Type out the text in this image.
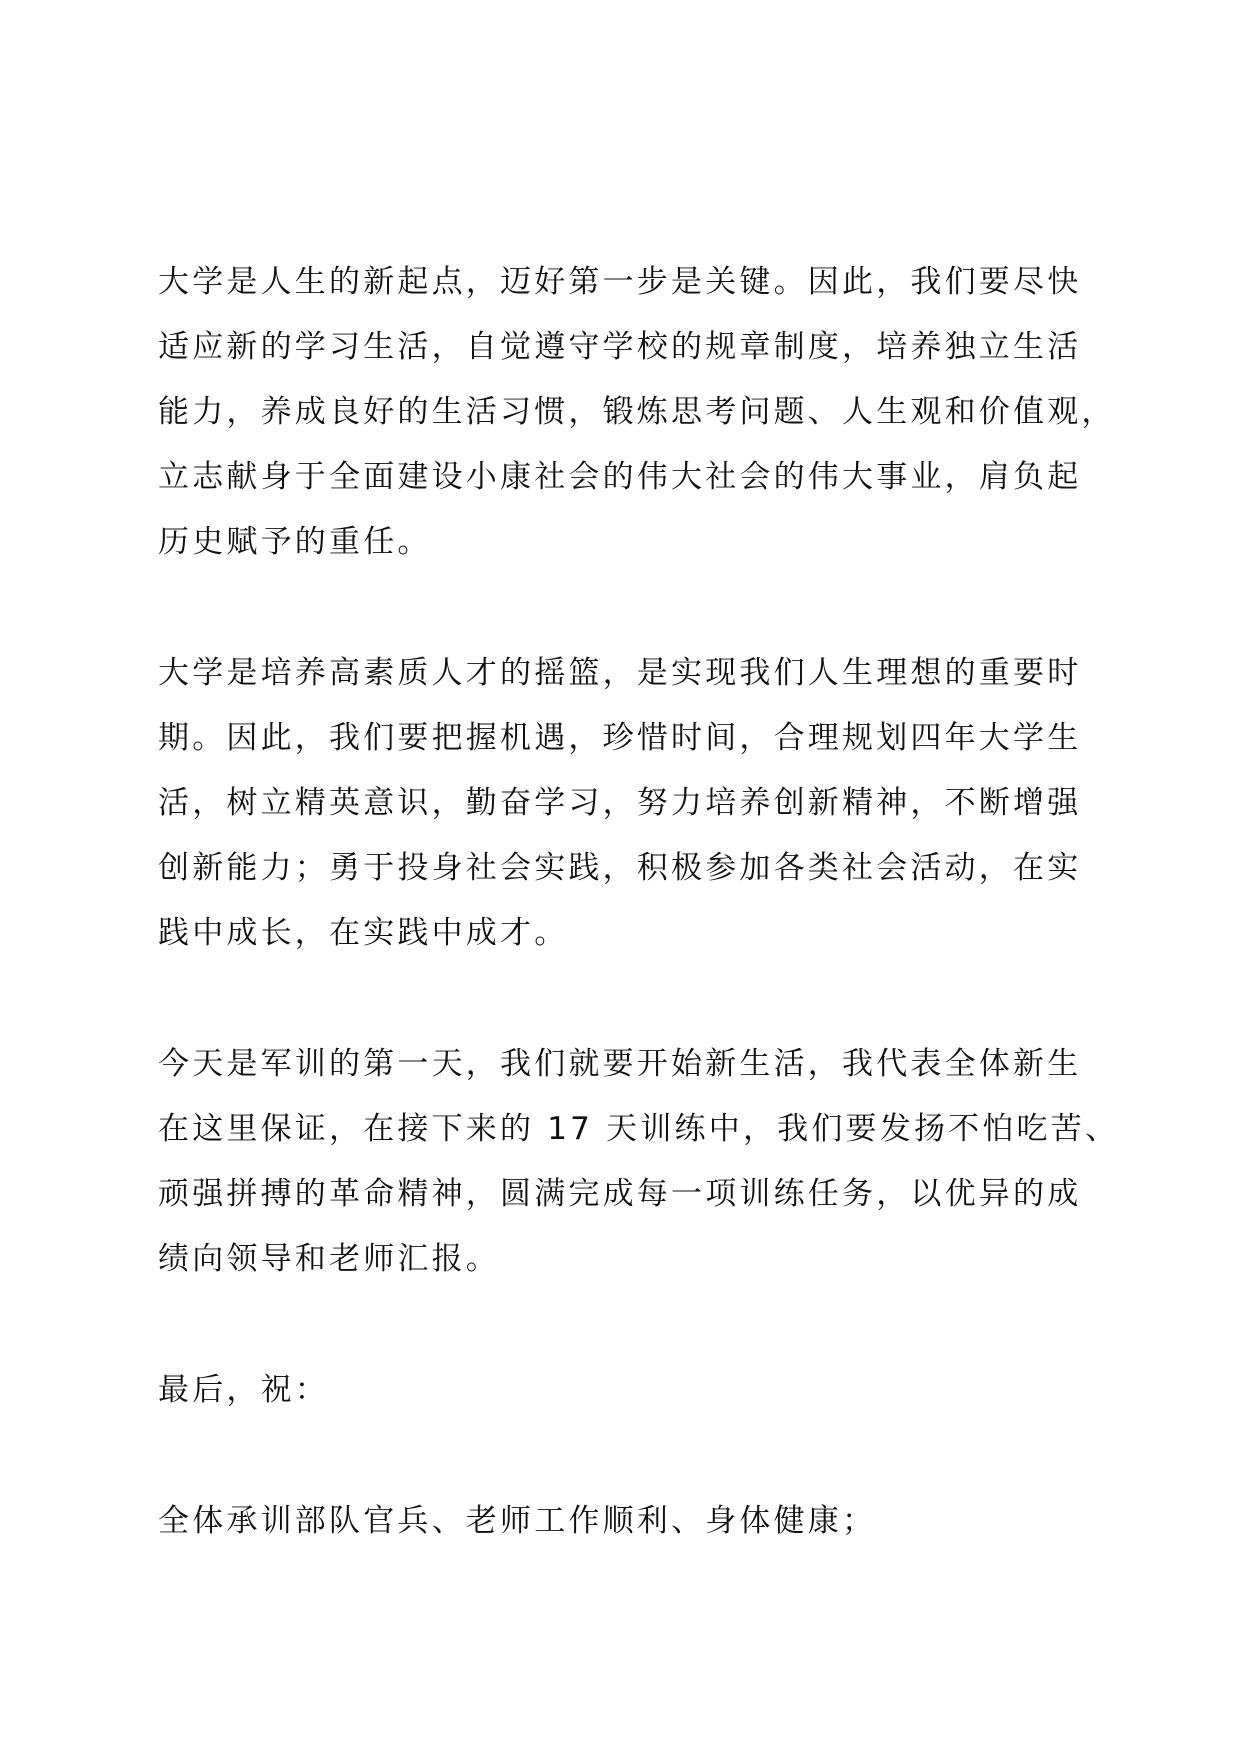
大学是人生的新起点，迈好第一步是关键。因此，我们要尽快
适应新的学习生活，自觉遵守学校的规章制度，培养独立生活
能力，养成良好的生活习惯，锻炼思考问题、人生观和价值观，
立志献身于全面建设小康社会的伟大社会的伟大事业，肩负起
历史赋予的重任。
大学是培养高素质人才的摇篮，是实现我们人生理想的重要时
期。因此，我们要把握机遇，珍惜时间，合理规划四年大学生
活，树立精英意识，勤奋学习，努力培养创新精神，不断增强
创新能力；勇于投身社会实践，积极参加各类社会活动，在实
践中成长，在实践中成才。
今天是军训的第一天，我们就要开始新生活，我代表全体新生
在这里保证，在接下来的 17 天训练中，我们要发扬不怕吃苦、
顽强拼搏的革命精神，圆满完成每一项训练任务，以优异的成
绩向领导和老师汇报。
最后，祝：
全体承训部队官兵、老师工作顺利、身体健康；
